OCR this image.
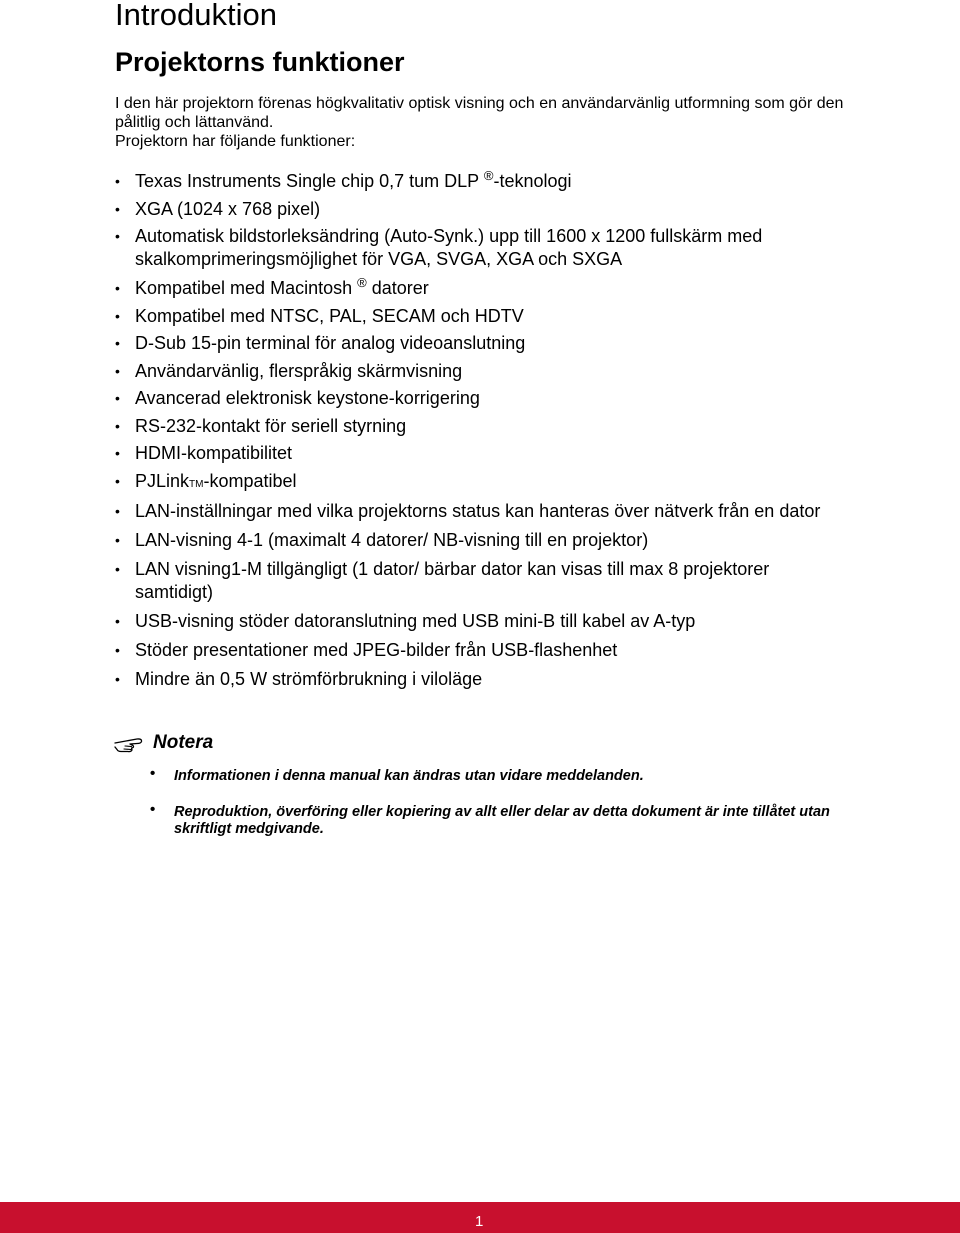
Introduktion
Projektorns funktioner

I den här projektorn förenas högkvalitativ optisk visning och en användarvänlig utformning som gör den pålitlig och lättanvänd.

Projektorn har följande funktioner:

• Texas Instruments Single chip 0,7 tum DLP ®-teknologi
• XGA (1024 x 768 pixel)
• Automatisk bildstorleksändring (Auto-Synk.) upp till 1600 x 1200 fullskärm med skalkomprimeringsmöjlighet för VGA, SVGA, XGA och SXGA
• Kompatibel med Macintosh ® datorer
• Kompatibel med NTSC, PAL, SECAM och HDTV
• D-Sub 15-pin terminal för analog videoanslutning
• Användarvänlig, flerspråkig skärmvisning
• Avancerad elektronisk keystone-korrigering
• RS-232-kontakt för seriell styrning
• HDMI-kompatibilitet
• PJLinkTM-kompatibel
• LAN-inställningar med vilka projektorns status kan hanteras över nätverk från en dator
• LAN-visning 4-1 (maximalt 4 datorer/ NB-visning till en projektor)
• LAN visning1-M tillgängligt (1 dator/ bärbar dator kan visas till max 8 projektorer samtidigt)
• USB-visning stöder datoranslutning med USB mini-B till kabel av A-typ
• Stöder presentationer med JPEG-bilder från USB-flashenhet
• Mindre än 0,5 W strömförbrukning i viloläge
Notera
• Informationen i denna manual kan ändras utan vidare meddelanden.
• Reproduktion, överföring eller kopiering av allt eller delar av detta dokument är inte tillåtet utan skriftligt medgivande.
1
